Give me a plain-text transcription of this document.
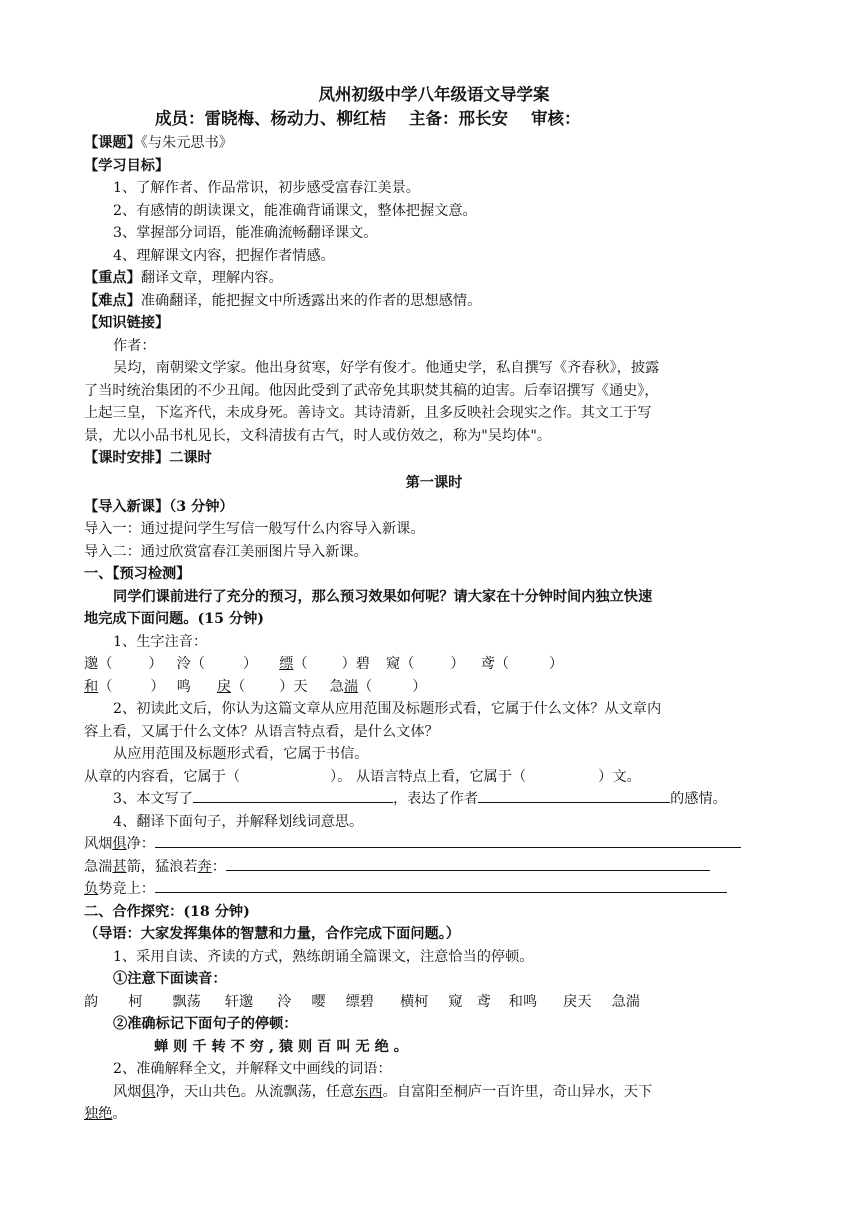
凤州初级中学八年级语文导学案
成员：雷晓梅、杨动力、柳红桔    主备：邢长安    审核：
【课题】《与朱元思书》
【学习目标】
1、了解作者、作品常识，初步感受富春江美景。
2、有感情的朗读课文，能准确背诵课文，整体把握文意。
3、掌握部分词语，能准确流畅翻译课文。
4、理解课文内容，把握作者情感。
【重点】翻译文章，理解内容。
【难点】准确翻译，能把握文中所透露出来的作者的思想感情。
【知识链接】
作者：
吴均，南朝梁文学家。他出身贫寒，好学有俊才。他通史学，私自撰写《齐春秋》，披露
了当时统治集团的不少丑闻。他因此受到了武帝免其职焚其稿的迫害。后奉诏撰写《通史》，
上起三皇，下迄齐代，未成身死。善诗文。其诗清新，且多反映社会现实之作。其文工于写
景，尤以小品书札见长，文科清拔有古气，时人或仿效之，称为"吴均体"。
【课时安排】二课时
第一课时
【导入新课】（3 分钟）
导入一：通过提问学生写信一般写什么内容导入新课。
导入二：通过欣赏富春江美丽图片导入新课。
一、【预习检测】
同学们课前进行了充分的预习，那么预习效果如何呢？请大家在十分钟时间内独立快速
地完成下面问题。(15 分钟)
1、生字注音：
邈（	） 泠（	） 缥（ ）碧 窥（	） 鸢（	）
和（	） 鸣 戾（ ）天 急湍（	）
2、初读此文后，你认为这篇文章从应用范围及标题形式看，它属于什么文体？从文章内
容上看，又属于什么文体？从语言特点看，是什么文体？
从应用范围及标题形式看，它属于书信。
从章的内容看，它属于（	）。 从语言特点上看，它属于（	）文。
3、本文写了	，表达了作者	的感情。
4、翻译下面句子，并解释划线词意思。
风烟俱净：
急湍甚箭，猛浪若奔：
负势竞上：
二、合作探究：(18 分钟)
（导语：大家发挥集体的智慧和力量，合作完成下面问题。）
1、采用自读、齐读的方式，熟练朗诵全篇课文，注意恰当的停顿。
①注意下面读音：
韵 柯 飘荡 轩邈 泠 嘤 缥碧 横柯 窥 鸢 和鸣 戾天 急湍
②准确标记下面句子的停顿：
蝉则千转不穷,猿则百叫无绝。
2、准确解释全文，并解释文中画线的词语：
风烟俱净，天山共色。从流飘荡，任意东西。自富阳至桐庐一百许里，奇山异水，天下
独绝。
